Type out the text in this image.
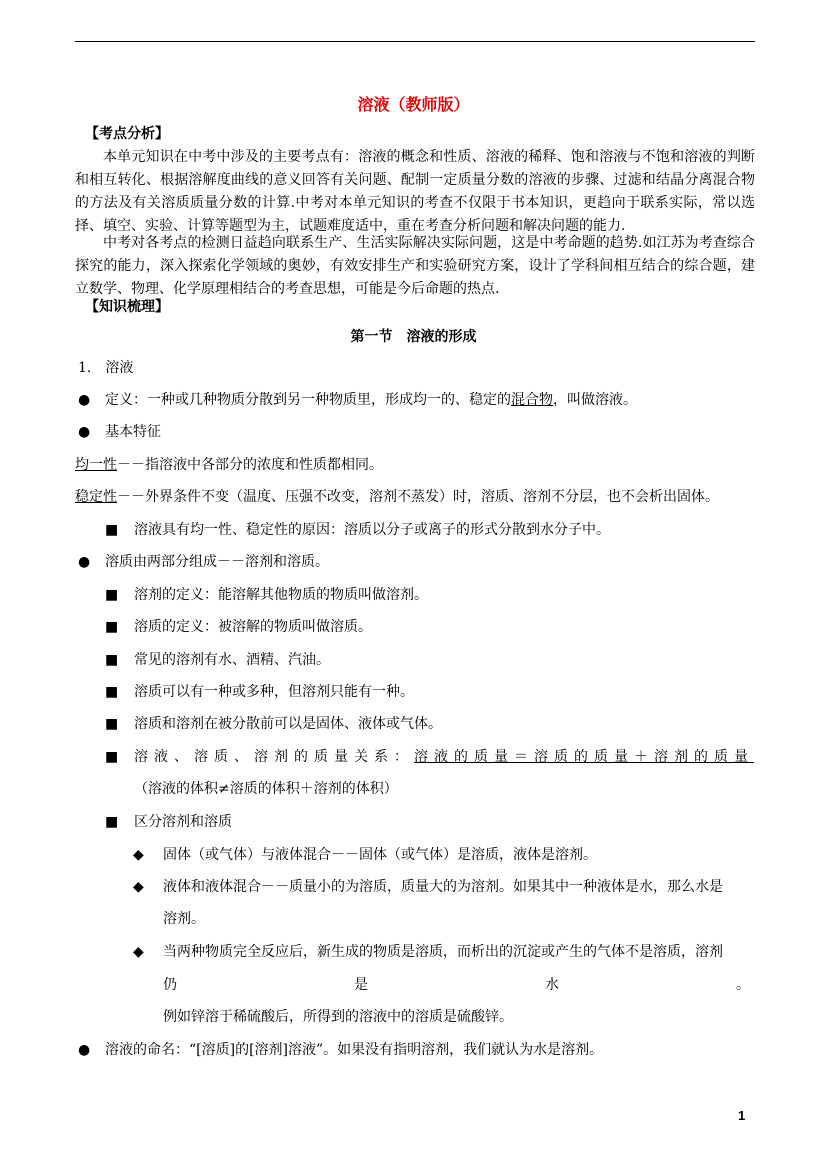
溶液（教师版）
【考点分析】
本单元知识在中考中涉及的主要考点有：溶液的概念和性质、溶液的稀释、饱和溶液与不饱和溶液的判断和相互转化、根据溶解度曲线的意义回答有关问题、配制一定质量分数的溶液的步骤、过滤和结晶分离混合物的方法及有关溶质质量分数的计算.中考对本单元知识的考查不仅限于书本知识，更趋向于联系实际，常以选择、填空、实验、计算等题型为主，试题难度适中，重在考查分析问题和解决问题的能力.
中考对各考点的检测日益趋向联系生产、生活实际解决实际问题，这是中考命题的趋势.如江苏为考查综合探究的能力，深入探索化学领域的奥妙，有效安排生产和实验研究方案，设计了学科间相互结合的综合题，建立数学、物理、化学原理相结合的考查思想，可能是今后命题的热点.
【知识梳理】
第一节　溶液的形成
1.　溶液
● 定义：一种或几种物质分散到另一种物质里，形成均一的、稳定的混合物，叫做溶液。
● 基本特征
均一性－－指溶液中各部分的浓度和性质都相同。
稳定性－－外界条件不变（温度、压强不改变，溶剂不蒸发）时，溶质、溶剂不分层，也不会析出固体。
■ 溶液具有均一性、稳定性的原因：溶质以分子或离子的形式分散到水分子中。
● 溶质由两部分组成－－溶剂和溶质。
■ 溶剂的定义：能溶解其他物质的物质叫做溶剂。
■ 溶质的定义：被溶解的物质叫做溶质。
■ 常见的溶剂有水、酒精、汽油。
■ 溶质可以有一种或多种，但溶剂只能有一种。
■ 溶质和溶剂在被分散前可以是固体、液体或气体。
■ 溶液、溶质、溶剂的质量关系： 溶液的质量＝溶质的质量＋溶剂的质量
（溶液的体积≠溶质的体积＋溶剂的体积）
■ 区分溶剂和溶质
◆ 固体（或气体）与液体混合－－固体（或气体）是溶质，液体是溶剂。
◆ 液体和液体混合－－质量小的为溶质，质量大的为溶剂。如果其中一种液体是水，那么水是
溶剂。
◆ 当两种物质完全反应后，新生成的物质是溶质，而析出的沉淀或产生的气体不是溶质，溶剂
仍	是	水	。
例如锌溶于稀硫酸后，所得到的溶液中的溶质是硫酸锌。
● 溶液的命名：“[溶质]的[溶剂]溶液”。如果没有指明溶剂，我们就认为水是溶剂。
1
